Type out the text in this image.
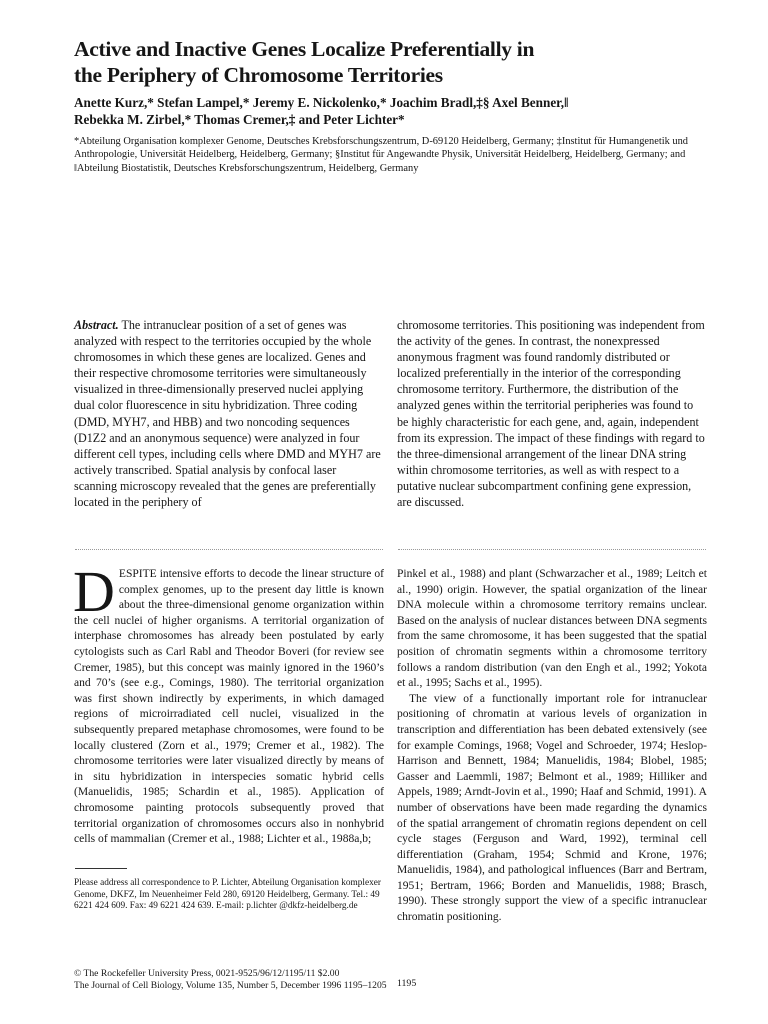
Active and Inactive Genes Localize Preferentially in
the Periphery of Chromosome Territories
Anette Kurz,* Stefan Lampel,* Jeremy E. Nickolenko,* Joachim Bradl,‡§ Axel Benner,‖
Rebekka M. Zirbel,* Thomas Cremer,‡ and Peter Lichter*
*Abteilung Organisation komplexer Genome, Deutsches Krebsforschungszentrum, D-69120 Heidelberg, Germany; ‡Institut für Humangenetik und Anthropologie, Universität Heidelberg, Heidelberg, Germany; §Institut für Angewandte Physik, Universität Heidelberg, Heidelberg, Germany; and ‖Abteilung Biostatistik, Deutsches Krebsforschungszentrum, Heidelberg, Germany
Abstract. The intranuclear position of a set of genes was analyzed with respect to the territories occupied by the whole chromosomes in which these genes are localized. Genes and their respective chromosome territories were simultaneously visualized in three-dimensionally preserved nuclei applying dual color fluorescence in situ hybridization. Three coding (DMD, MYH7, and HBB) and two noncoding sequences (D1Z2 and an anonymous sequence) were analyzed in four different cell types, including cells where DMD and MYH7 are actively transcribed. Spatial analysis by confocal laser scanning microscopy revealed that the genes are preferentially located in the periphery of
chromosome territories. This positioning was independent from the activity of the genes. In contrast, the nonexpressed anonymous fragment was found randomly distributed or localized preferentially in the interior of the corresponding chromosome territory. Furthermore, the distribution of the analyzed genes within the territorial peripheries was found to be highly characteristic for each gene, and, again, independent from its expression. The impact of these findings with regard to the three-dimensional arrangement of the linear DNA string within chromosome territories, as well as with respect to a putative nuclear subcompartment confining gene expression, are discussed.

DESPITE intensive efforts to decode the linear structure of complex genomes, up to the present day little is known about the three-dimensional genome organization within the cell nuclei of higher organisms. A territorial organization of interphase chromosomes has already been postulated by early cytologists such as Carl Rabl and Theodor Boveri (for review see Cremer, 1985), but this concept was mainly ignored in the 1960’s and 70’s (see e.g., Comings, 1980). The territorial organization was first shown indirectly by experiments, in which damaged regions of microirradiated cell nuclei, visualized in the subsequently prepared metaphase chromosomes, were found to be locally clustered (Zorn et al., 1979; Cremer et al., 1982). The chromosome territories were later visualized directly by means of in situ hybridization in interspecies somatic hybrid cells (Manuelidis, 1985; Schardin et al., 1985). Application of chromosome painting protocols subsequently proved that territorial organization of chromosomes occurs also in nonhybrid cells of mammalian (Cremer et al., 1988; Lichter et al., 1988a,b;

Pinkel et al., 1988) and plant (Schwarzacher et al., 1989; Leitch et al., 1990) origin. However, the spatial organization of the linear DNA molecule within a chromosome territory remains unclear. Based on the analysis of nuclear distances between DNA segments from the same chromosome, it has been suggested that the spatial position of chromatin segments within a chromosome territory follows a random distribution (van den Engh et al., 1992; Yokota et al., 1995; Sachs et al., 1995).

The view of a functionally important role for intranuclear positioning of chromatin at various levels of organization in transcription and differentiation has been debated extensively (see for example Comings, 1968; Vogel and Schroeder, 1974; Heslop-Harrison and Bennett, 1984; Manuelidis, 1984; Blobel, 1985; Gasser and Laemmli, 1987; Belmont et al., 1989; Hilliker and Appels, 1989; Arndt-Jovin et al., 1990; Haaf and Schmid, 1991). A number of observations have been made regarding the dynamics of the spatial arrangement of chromatin regions dependent on cell cycle stages (Ferguson and Ward, 1992), terminal cell differentiation (Graham, 1954; Schmid and Krone, 1976; Manuelidis, 1984), and pathological influences (Barr and Bertram, 1951; Bertram, 1966; Borden and Manuelidis, 1988; Brasch, 1990). These strongly support the view of a specific intranuclear chromatin positioning.

Please address all correspondence to P. Lichter, Abteilung Organisation komplexer Genome, DKFZ, Im Neuenheimer Feld 280, 69120 Heidelberg, Germany. Tel.: 49 6221 424 609. Fax: 49 6221 424 639. E-mail: p.lichter @dkfz-heidelberg.de
© The Rockefeller University Press, 0021-9525/96/12/1195/11 $2.00
The Journal of Cell Biology, Volume 135, Number 5, December 1996 1195–1205	1195
